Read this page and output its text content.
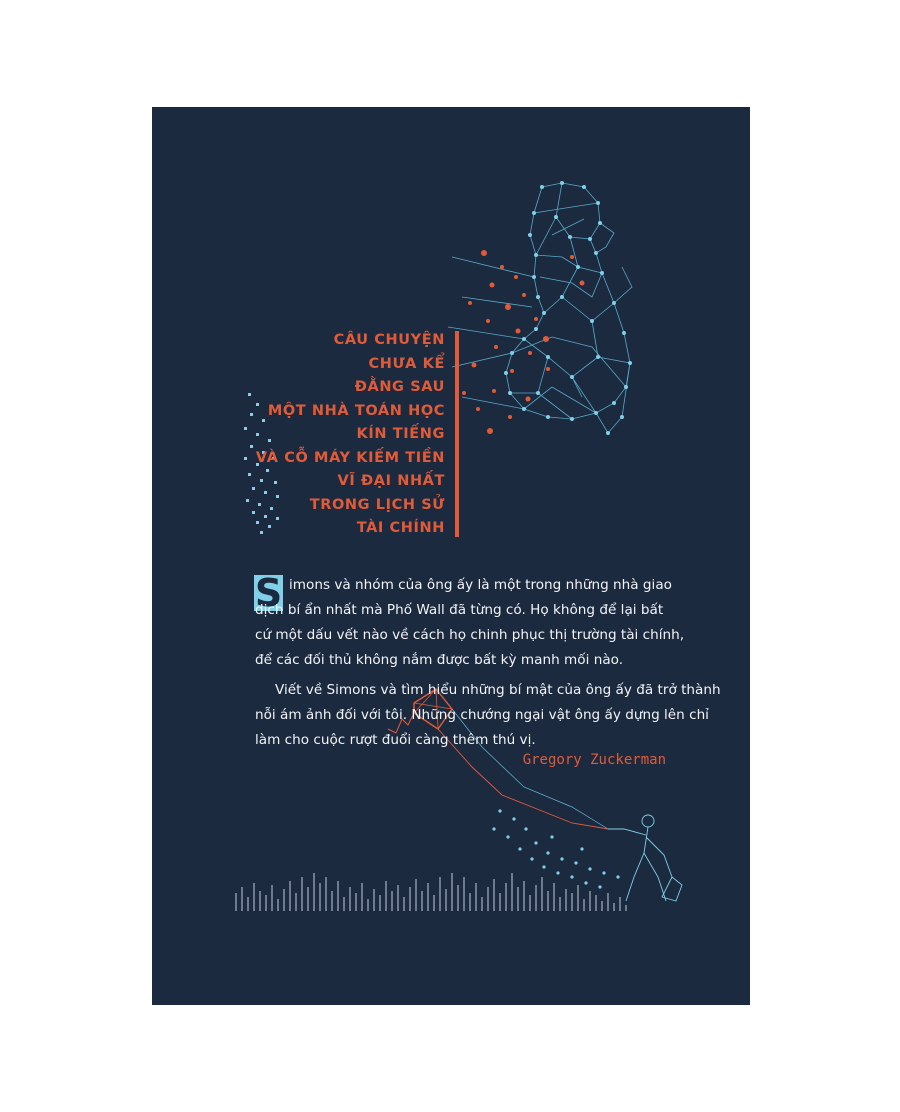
CÂU CHUYỆN
CHƯA KỂ
ĐẰNG SAU
MỘT NHÀ TOÁN HỌC
KÍN TIẾNG
VÀ CỖ MÁY KIẾM TIỀN
VĨ ĐẠI NHẤT
TRONG LỊCH SỬ
TÀI CHÍNH
S imons và nhóm của ông ấy là một trong những nhà giao
dịch bí ẩn nhất mà Phố Wall đã từng có. Họ không để lại bất
cứ một dấu vết nào về cách họ chinh phục thị trường tài chính,
để các đối thủ không nắm được bất kỳ manh mối nào.

Viết về Simons và tìm hiểu những bí mật của ông ấy đã trở thành
nỗi ám ảnh đối với tôi. Những chướng ngại vật ông ấy dựng lên chỉ
làm cho cuộc rượt đuổi càng thêm thú vị.

Gregory Zuckerman
